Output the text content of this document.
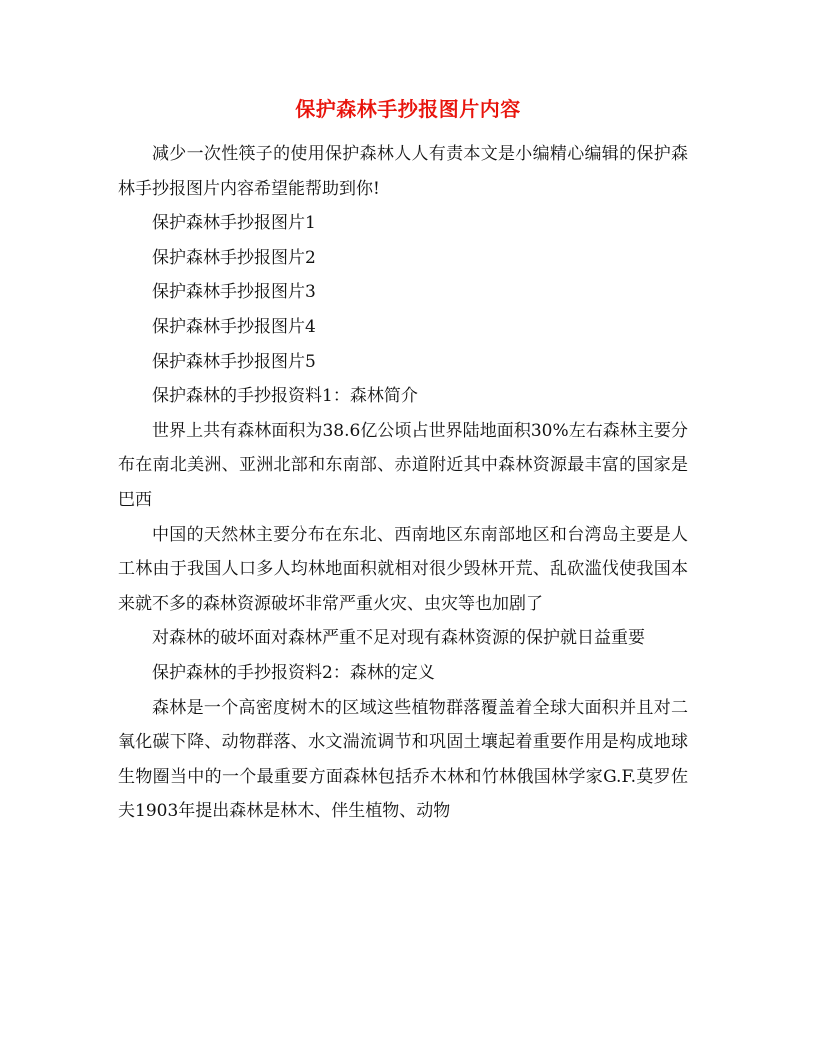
保护森林手抄报图片内容

减少一次性筷子的使用保护森林人人有责本文是小编精心编辑的保护森林手抄报图片内容希望能帮助到你!

保护森林手抄报图片1

保护森林手抄报图片2

保护森林手抄报图片3

保护森林手抄报图片4

保护森林手抄报图片5

保护森林的手抄报资料1：森林简介

世界上共有森林面积为38.6亿公顷占世界陆地面积30%左右森林主要分布在南北美洲、亚洲北部和东南部、赤道附近其中森林资源最丰富的国家是巴西

中国的天然林主要分布在东北、西南地区东南部地区和台湾岛主要是人工林由于我国人口多人均林地面积就相对很少毁林开荒、乱砍滥伐使我国本来就不多的森林资源破坏非常严重火灾、虫灾等也加剧了

对森林的破坏面对森林严重不足对现有森林资源的保护就日益重要

保护森林的手抄报资料2：森林的定义

森林是一个高密度树木的区域这些植物群落覆盖着全球大面积并且对二氧化碳下降、动物群落、水文湍流调节和巩固土壤起着重要作用是构成地球生物圈当中的一个最重要方面森林包括乔木林和竹林俄国林学家G.F.莫罗佐夫1903年提出森林是林木、伴生植物、动物
